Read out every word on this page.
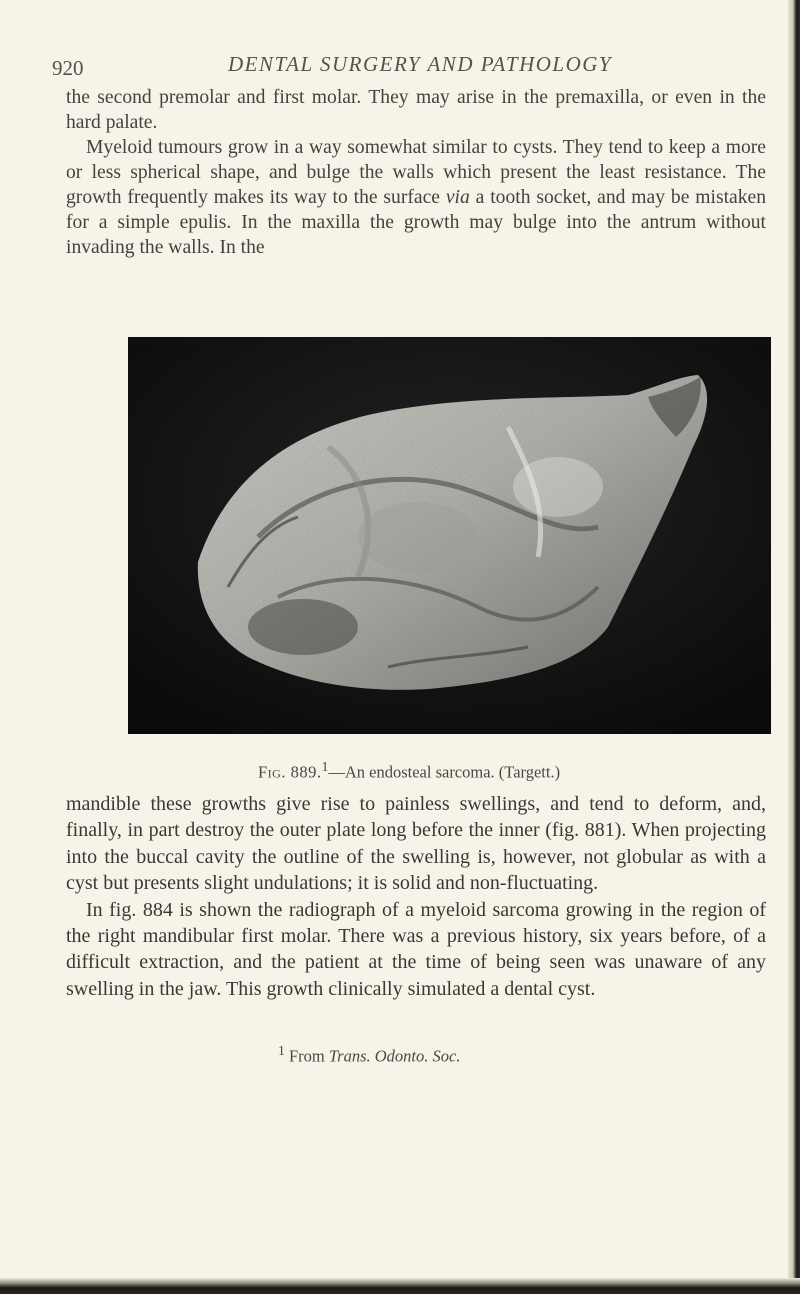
920	DENTAL SURGERY AND PATHOLOGY

the second premolar and first molar. They may arise in the premaxilla, or even in the hard palate.

Myeloid tumours grow in a way somewhat similar to cysts. They tend to keep a more or less spherical shape, and bulge the walls which present the least resistance. The growth frequently makes its way to the surface via a tooth socket, and may be mistaken for a simple epulis. In the maxilla the growth may bulge into the antrum without invading the walls. In the

Fig. 889.$^1$—An endosteal sarcoma. (Targett.)

mandible these growths give rise to painless swellings, and tend to deform, and, finally, in part destroy the outer plate long before the inner (fig. 881). When projecting into the buccal cavity the outline of the swelling is, however, not globular as with a cyst but presents slight undulations; it is solid and non-fluctuating.

In fig. 884 is shown the radiograph of a myeloid sarcoma growing in the region of the right mandibular first molar. There was a previous history, six years before, of a difficult extraction, and the patient at the time of being seen was unaware of any swelling in the jaw. This growth clinically simulated a dental cyst.

$^1$ From Trans. Odonto. Soc.
